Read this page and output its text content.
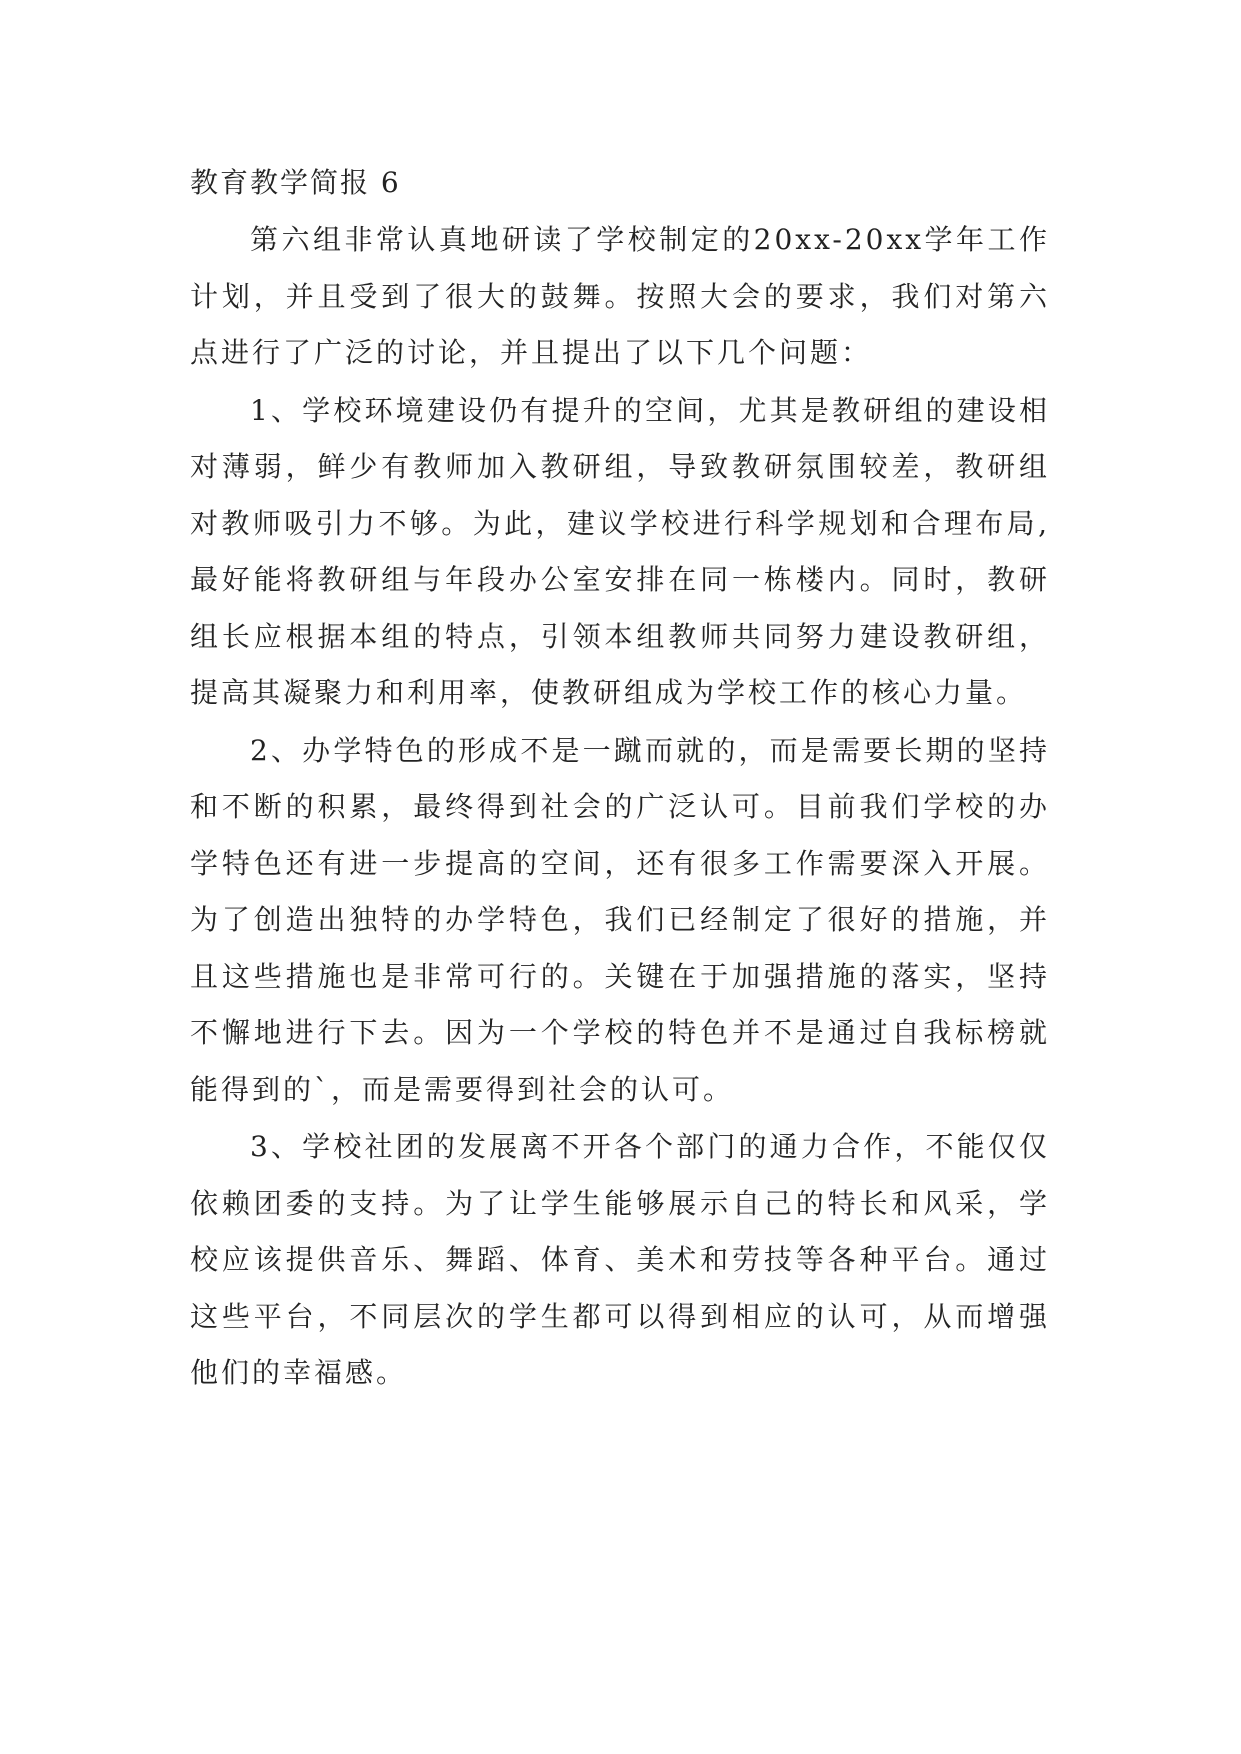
教育教学简报 6

第六组非常认真地研读了学校制定的20xx-20xx学年工作计划，并且受到了很大的鼓舞。按照大会的要求，我们对第六点进行了广泛的讨论，并且提出了以下几个问题：

1、学校环境建设仍有提升的空间，尤其是教研组的建设相对薄弱，鲜少有教师加入教研组，导致教研氛围较差，教研组对教师吸引力不够。为此，建议学校进行科学规划和合理布局,最好能将教研组与年段办公室安排在同一栋楼内。同时，教研组长应根据本组的特点，引领本组教师共同努力建设教研组，提高其凝聚力和利用率，使教研组成为学校工作的核心力量。

2、办学特色的形成不是一蹴而就的，而是需要长期的坚持和不断的积累，最终得到社会的广泛认可。目前我们学校的办学特色还有进一步提高的空间，还有很多工作需要深入开展。为了创造出独特的办学特色，我们已经制定了很好的措施，并且这些措施也是非常可行的。关键在于加强措施的落实，坚持不懈地进行下去。因为一个学校的特色并不是通过自我标榜就能得到的`，而是需要得到社会的认可。

3、学校社团的发展离不开各个部门的通力合作，不能仅仅依赖团委的支持。为了让学生能够展示自己的特长和风采，学校应该提供音乐、舞蹈、体育、美术和劳技等各种平台。通过这些平台，不同层次的学生都可以得到相应的认可，从而增强他们的幸福感。
